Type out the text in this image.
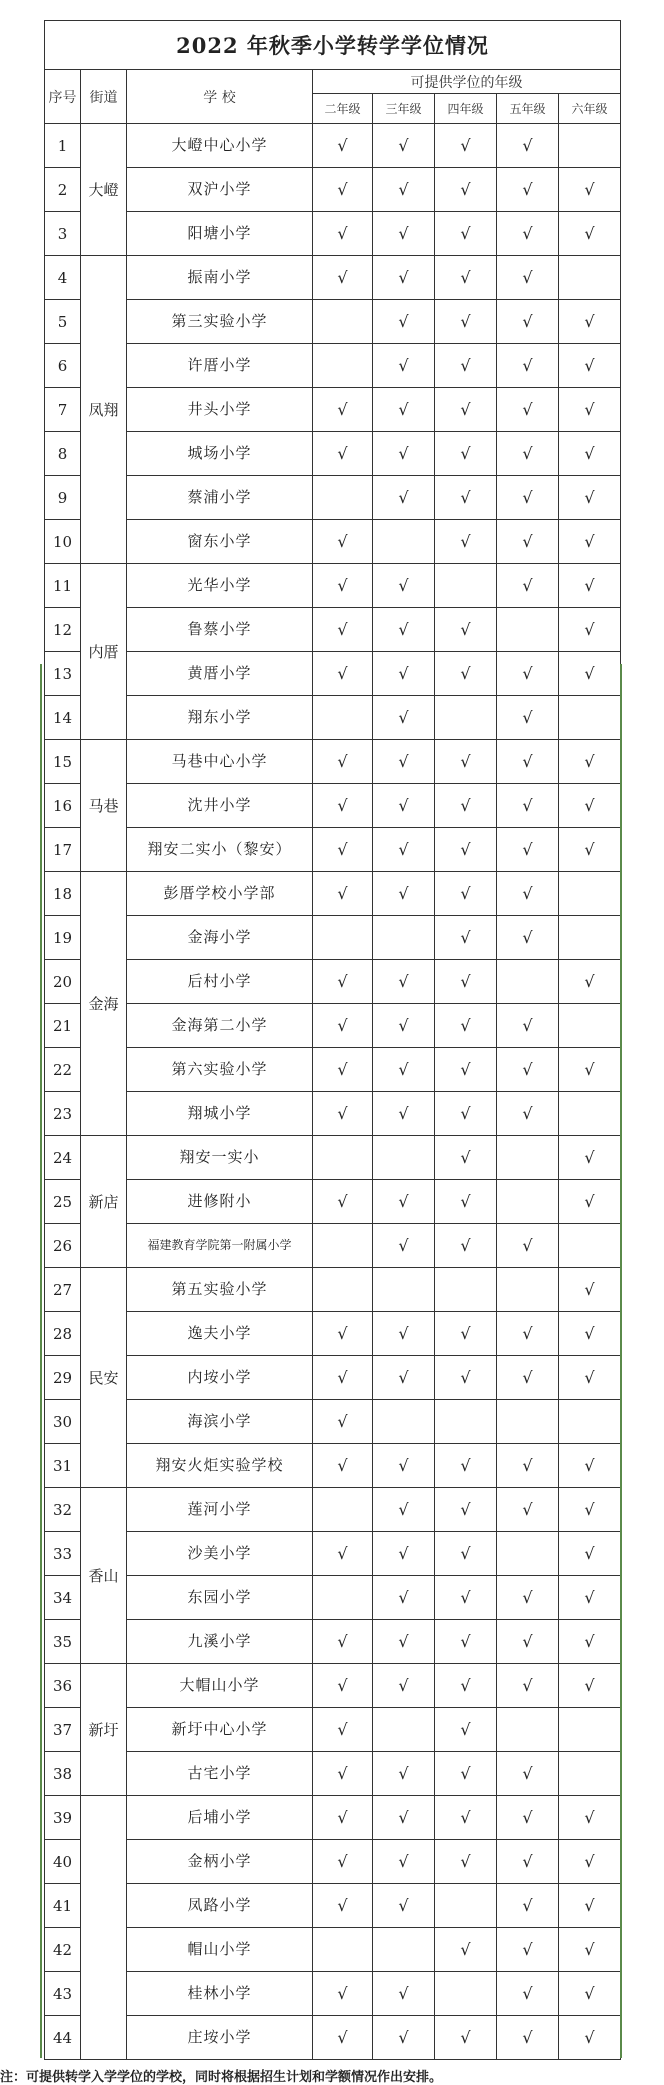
2022 年秋季小学转学学位情况							
序号	街道	学 校	可提供学位的年级				
			二年级	三年级	四年级	五年级	六年级
1	大嶝	大嶝中心小学	√	√	√	√	
2		双沪小学	√	√	√	√	√
3		阳塘小学	√	√	√	√	√
4	凤翔	振南小学	√	√	√	√	
5		第三实验小学		√	√	√	√
6		许厝小学		√	√	√	√
7		井头小学	√	√	√	√	√
8		城场小学	√	√	√	√	√
9		蔡浦小学		√	√	√	√
10		窗东小学	√		√	√	√
11	内厝	光华小学	√	√		√	√
12		鲁蔡小学	√	√	√		√
13		黄厝小学	√	√	√	√	√
14		翔东小学		√		√	
15	马巷	马巷中心小学	√	√	√	√	√
16		沈井小学	√	√	√	√	√
17		翔安二实小（黎安）	√	√	√	√	√
18	金海	彭厝学校小学部	√	√	√	√	
19		金海小学			√	√	
20		后村小学	√	√	√		√
21		金海第二小学	√	√	√	√	
22		第六实验小学	√	√	√	√	√
23		翔城小学	√	√	√	√	
24	新店	翔安一实小			√		√
25		进修附小	√	√	√		√
26		福建教育学院第一附属小学		√	√	√	
27	民安	第五实验小学					√
28		逸夫小学	√	√	√	√	√
29		内垵小学	√	√	√	√	√
30		海滨小学	√				
31		翔安火炬实验学校	√	√	√	√	√
32	香山	莲河小学		√	√	√	√
33		沙美小学	√	√	√		√
34		东园小学		√	√	√	√
35		九溪小学	√	√	√	√	√
36	新圩	大帽山小学	√	√	√	√	√
37		新圩中心小学	√		√		
38		古宅小学	√	√	√	√	
39		后埔小学	√	√	√	√	√
40		金柄小学	√	√	√	√	√
41		凤路小学	√	√		√	√
42		帽山小学			√	√	√
43		桂林小学	√	√		√	√
44		庄垵小学	√	√	√	√	√
注：可提供转学入学学位的学校，同时将根据招生计划和学额情况作出安排。
